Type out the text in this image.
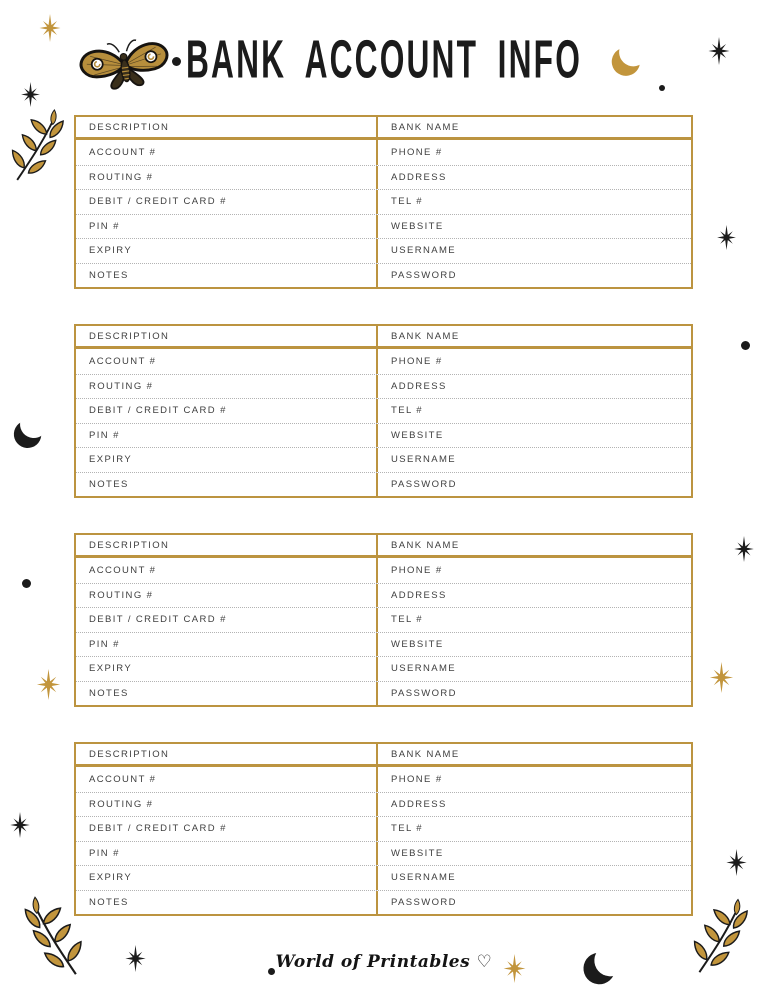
BANK ACCOUNT INFO
DESCRIPTION	BANK NAME
ACCOUNT #	PHONE #
ROUTING #	ADDRESS
DEBIT / CREDIT CARD #	TEL #
PIN #	WEBSITE
EXPIRY	USERNAME
NOTES	PASSWORD
DESCRIPTION	BANK NAME
ACCOUNT #	PHONE #
ROUTING #	ADDRESS
DEBIT / CREDIT CARD #	TEL #
PIN #	WEBSITE
EXPIRY	USERNAME
NOTES	PASSWORD
DESCRIPTION	BANK NAME
ACCOUNT #	PHONE #
ROUTING #	ADDRESS
DEBIT / CREDIT CARD #	TEL #
PIN #	WEBSITE
EXPIRY	USERNAME
NOTES	PASSWORD
DESCRIPTION	BANK NAME
ACCOUNT #	PHONE #
ROUTING #	ADDRESS
DEBIT / CREDIT CARD #	TEL #
PIN #	WEBSITE
EXPIRY	USERNAME
NOTES	PASSWORD
World of Printables ♡
